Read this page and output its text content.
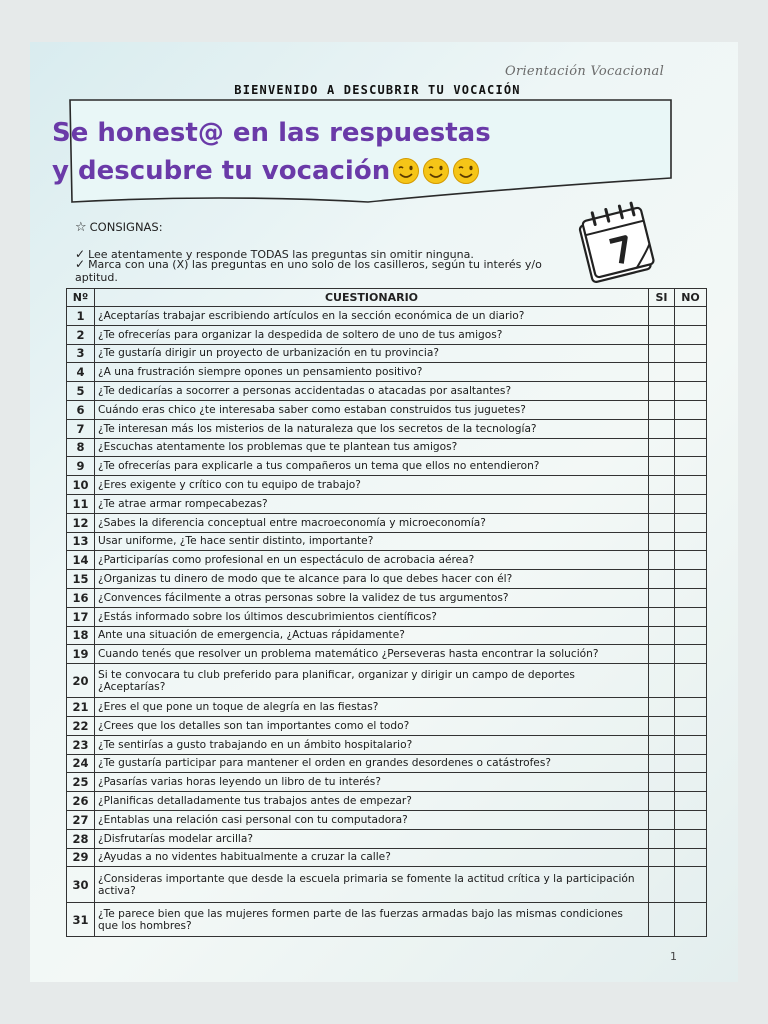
Orientación Vocacional
BIENVENIDO A DESCUBRIR TU VOCACIÓN
Se honest@ en las respuestas
y descubre tu vocación
☆ CONSIGNAS:
✓ Lee atentamente y responde TODAS las preguntas sin omitir ninguna.
✓ Marca con una (X) las preguntas en uno solo de los casilleros, según tu interés y/o aptitud.
Nº	CUESTIONARIO	SI	NO
1	¿Aceptarías trabajar escribiendo artículos en la sección económica de un diario?		
2	¿Te ofrecerías para organizar la despedida de soltero de uno de tus amigos?		
3	¿Te gustaría dirigir un proyecto de urbanización en tu provincia?		
4	¿A una frustración siempre opones un pensamiento positivo?		
5	¿Te dedicarías a socorrer a personas accidentadas o atacadas por asaltantes?		
6	Cuándo eras chico ¿te interesaba saber como estaban construidos tus juguetes?		
7	¿Te interesan más los misterios de la naturaleza que los secretos de la tecnología?		
8	¿Escuchas atentamente los problemas que te plantean tus amigos?		
9	¿Te ofrecerías para explicarle a tus compañeros un tema que ellos no entendieron?		
10	¿Eres exigente y crítico con tu equipo de trabajo?		
11	¿Te atrae armar rompecabezas?		
12	¿Sabes la diferencia conceptual entre macroeconomía y microeconomía?		
13	Usar uniforme, ¿Te hace sentir distinto, importante?		
14	¿Participarías como profesional en un espectáculo de acrobacia aérea?		
15	¿Organizas tu dinero de modo que te alcance para lo que debes hacer con él?		
16	¿Convences fácilmente a otras personas sobre la validez de tus argumentos?		
17	¿Estás informado sobre los últimos descubrimientos científicos?		
18	Ante una situación de emergencia, ¿Actuas rápidamente?		
19	Cuando tenés que resolver un problema matemático ¿Perseveras hasta encontrar la solución?		
20	Si te convocara tu club preferido para planificar, organizar y dirigir un campo de deportes ¿Aceptarías?		
21	¿Eres el que pone un toque de alegría en las fiestas?		
22	¿Crees que los detalles son tan importantes como el todo?		
23	¿Te sentirías a gusto trabajando en un ámbito hospitalario?		
24	¿Te gustaría participar para mantener el orden en grandes desordenes o catástrofes?		
25	¿Pasarías varias horas leyendo un libro de tu interés?		
26	¿Planificas detalladamente tus trabajos antes de empezar?		
27	¿Entablas una relación casi personal con tu computadora?		
28	¿Disfrutarías modelar arcilla?		
29	¿Ayudas a no videntes habitualmente a cruzar la calle?		
30	¿Consideras importante que desde la escuela primaria se fomente la actitud crítica y la participación activa?		
31	¿Te parece bien que las mujeres formen parte de las fuerzas armadas bajo las mismas condiciones que los hombres?		
1
